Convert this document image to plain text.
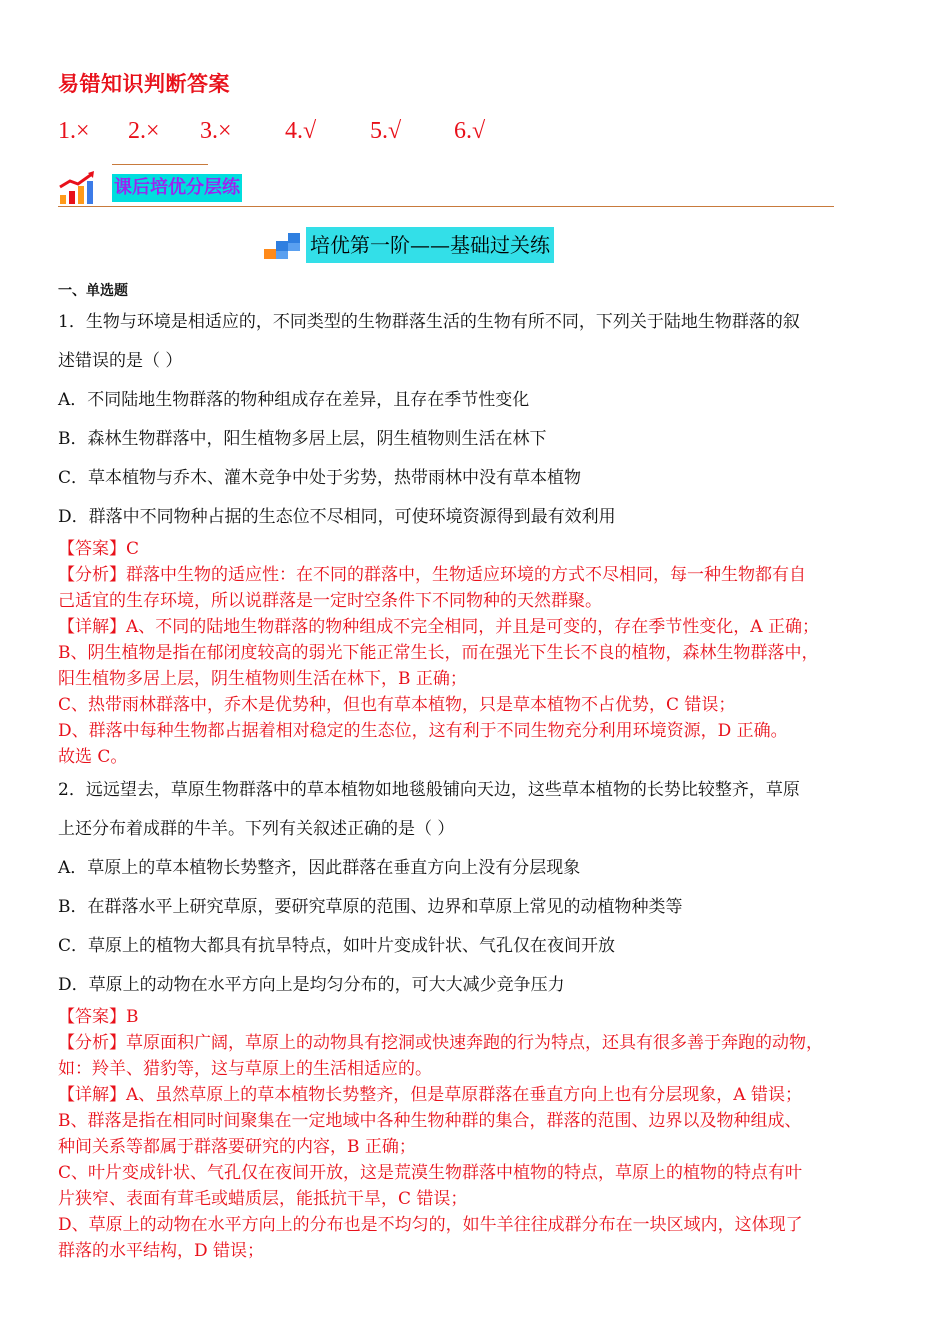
易错知识判断答案
1.×	2.×	3.×	4.√	5.√	6.√
课后培优分层练
培优第一阶——基础过关练
一、单选题

1．生物与环境是相适应的，不同类型的生物群落生活的生物有所不同，下列关于陆地生物群落的叙

述错误的是（ ）

A．不同陆地生物群落的物种组成存在差异，且存在季节性变化

B．森林生物群落中，阳生植物多居上层，阴生植物则生活在林下

C．草本植物与乔木、灌木竞争中处于劣势，热带雨林中没有草本植物

D．群落中不同物种占据的生态位不尽相同，可使环境资源得到最有效利用

【答案】C

【分析】群落中生物的适应性：在不同的群落中，生物适应环境的方式不尽相同，每一种生物都有自

己适宜的生存环境，所以说群落是一定时空条件下不同物种的天然群聚。

【详解】A、不同的陆地生物群落的物种组成不完全相同，并且是可变的，存在季节性变化，A 正确；

B、阴生植物是指在郁闭度较高的弱光下能正常生长，而在强光下生长不良的植物，森林生物群落中，

阳生植物多居上层，阴生植物则生活在林下，B 正确；

C、热带雨林群落中，乔木是优势种，但也有草本植物，只是草本植物不占优势，C 错误；

D、群落中每种生物都占据着相对稳定的生态位，这有利于不同生物充分利用环境资源，D 正确。

故选 C。

2．远远望去，草原生物群落中的草本植物如地毯般铺向天边，这些草本植物的长势比较整齐，草原

上还分布着成群的牛羊。下列有关叙述正确的是（ ）

A．草原上的草本植物长势整齐，因此群落在垂直方向上没有分层现象

B．在群落水平上研究草原，要研究草原的范围、边界和草原上常见的动植物种类等

C．草原上的植物大都具有抗旱特点，如叶片变成针状、气孔仅在夜间开放

D．草原上的动物在水平方向上是均匀分布的，可大大减少竞争压力

【答案】B

【分析】草原面积广阔，草原上的动物具有挖洞或快速奔跑的行为特点，还具有很多善于奔跑的动物，

如：羚羊、猎豹等，这与草原上的生活相适应的。

【详解】A、虽然草原上的草本植物长势整齐，但是草原群落在垂直方向上也有分层现象，A 错误；

B、群落是指在相同时间聚集在一定地域中各种生物种群的集合，群落的范围、边界以及物种组成、

种间关系等都属于群落要研究的内容，B 正确；

C、叶片变成针状、气孔仅在夜间开放，这是荒漠生物群落中植物的特点，草原上的植物的特点有叶

片狭窄、表面有茸毛或蜡质层，能抵抗干旱，C 错误；

D、草原上的动物在水平方向上的分布也是不均匀的，如牛羊往往成群分布在一块区域内，这体现了

群落的水平结构，D 错误；
